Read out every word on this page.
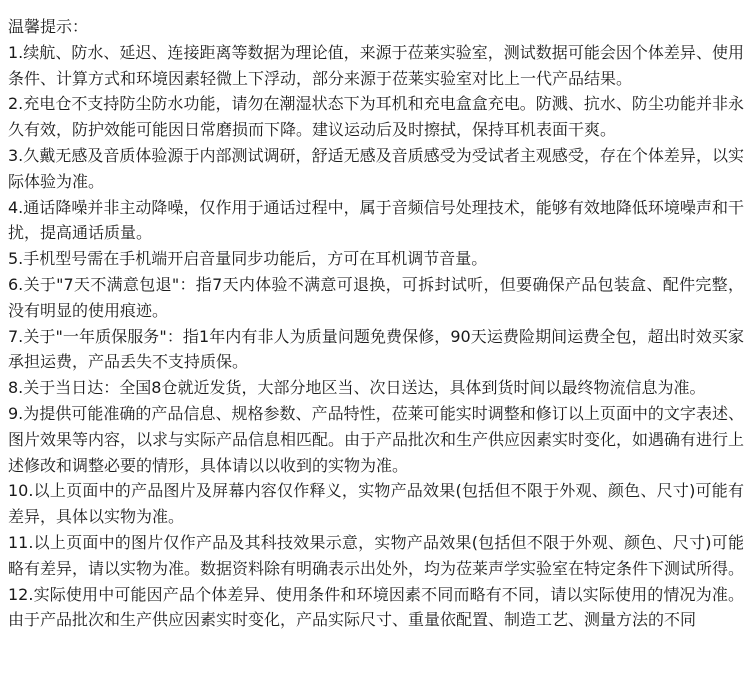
温馨提示：
1.续航、防水、延迟、连接距离等数据为理论值，来源于莅莱实验室，测试数据可能会因个体差异、使用条件、计算方式和环境因素轻微上下浮动，部分来源于莅莱实验室对比上一代产品结果。
2.充电仓不支持防尘防水功能，请勿在潮湿状态下为耳机和充电盒盒充电。防溅、抗水、防尘功能并非永久有效，防护效能可能因日常磨损而下降。建议运动后及时擦拭，保持耳机表面干爽。
3.久戴无感及音质体验源于内部测试调研，舒适无感及音质感受为受试者主观感受，存在个体差异，以实际体验为准。
4.通话降噪并非主动降噪，仅作用于通话过程中，属于音频信号处理技术，能够有效地降低环境噪声和干扰，提高通话质量。
5.手机型号需在手机端开启音量同步功能后，方可在耳机调节音量。
6.关于"7天不满意包退"：指7天内体验不满意可退换，可拆封试听，但要确保产品包装盒、配件完整，没有明显的使用痕迹。
7.关于"一年质保服务"：指1年内有非人为质量问题免费保修，90天运费险期间运费全包，超出时效买家承担运费，产品丢失不支持质保。
8.关于当日达：全国8仓就近发货，大部分地区当、次日送达，具体到货时间以最终物流信息为准。
9.为提供可能准确的产品信息、规格参数、产品特性，莅莱可能实时调整和修订以上页面中的文字表述、图片效果等内容，以求与实际产品信息相匹配。由于产品批次和生产供应因素实时变化，如遇确有进行上述修改和调整必要的情形，具体请以以收到的实物为准。
10.以上页面中的产品图片及屏幕内容仅作释义，实物产品效果(包括但不限于外观、颜色、尺寸)可能有差异，具体以实物为准。
11.以上页面中的图片仅作产品及其科技效果示意，实物产品效果(包括但不限于外观、颜色、尺寸)可能略有差异，请以实物为准。数据资料除有明确表示出处外，均为莅莱声学实验室在特定条件下测试所得。
12.实际使用中可能因产品个体差异、使用条件和环境因素不同而略有不同，请以实际使用的情况为准。由于产品批次和生产供应因素实时变化，产品实际尺寸、重量依配置、制造工艺、测量方法的不同
